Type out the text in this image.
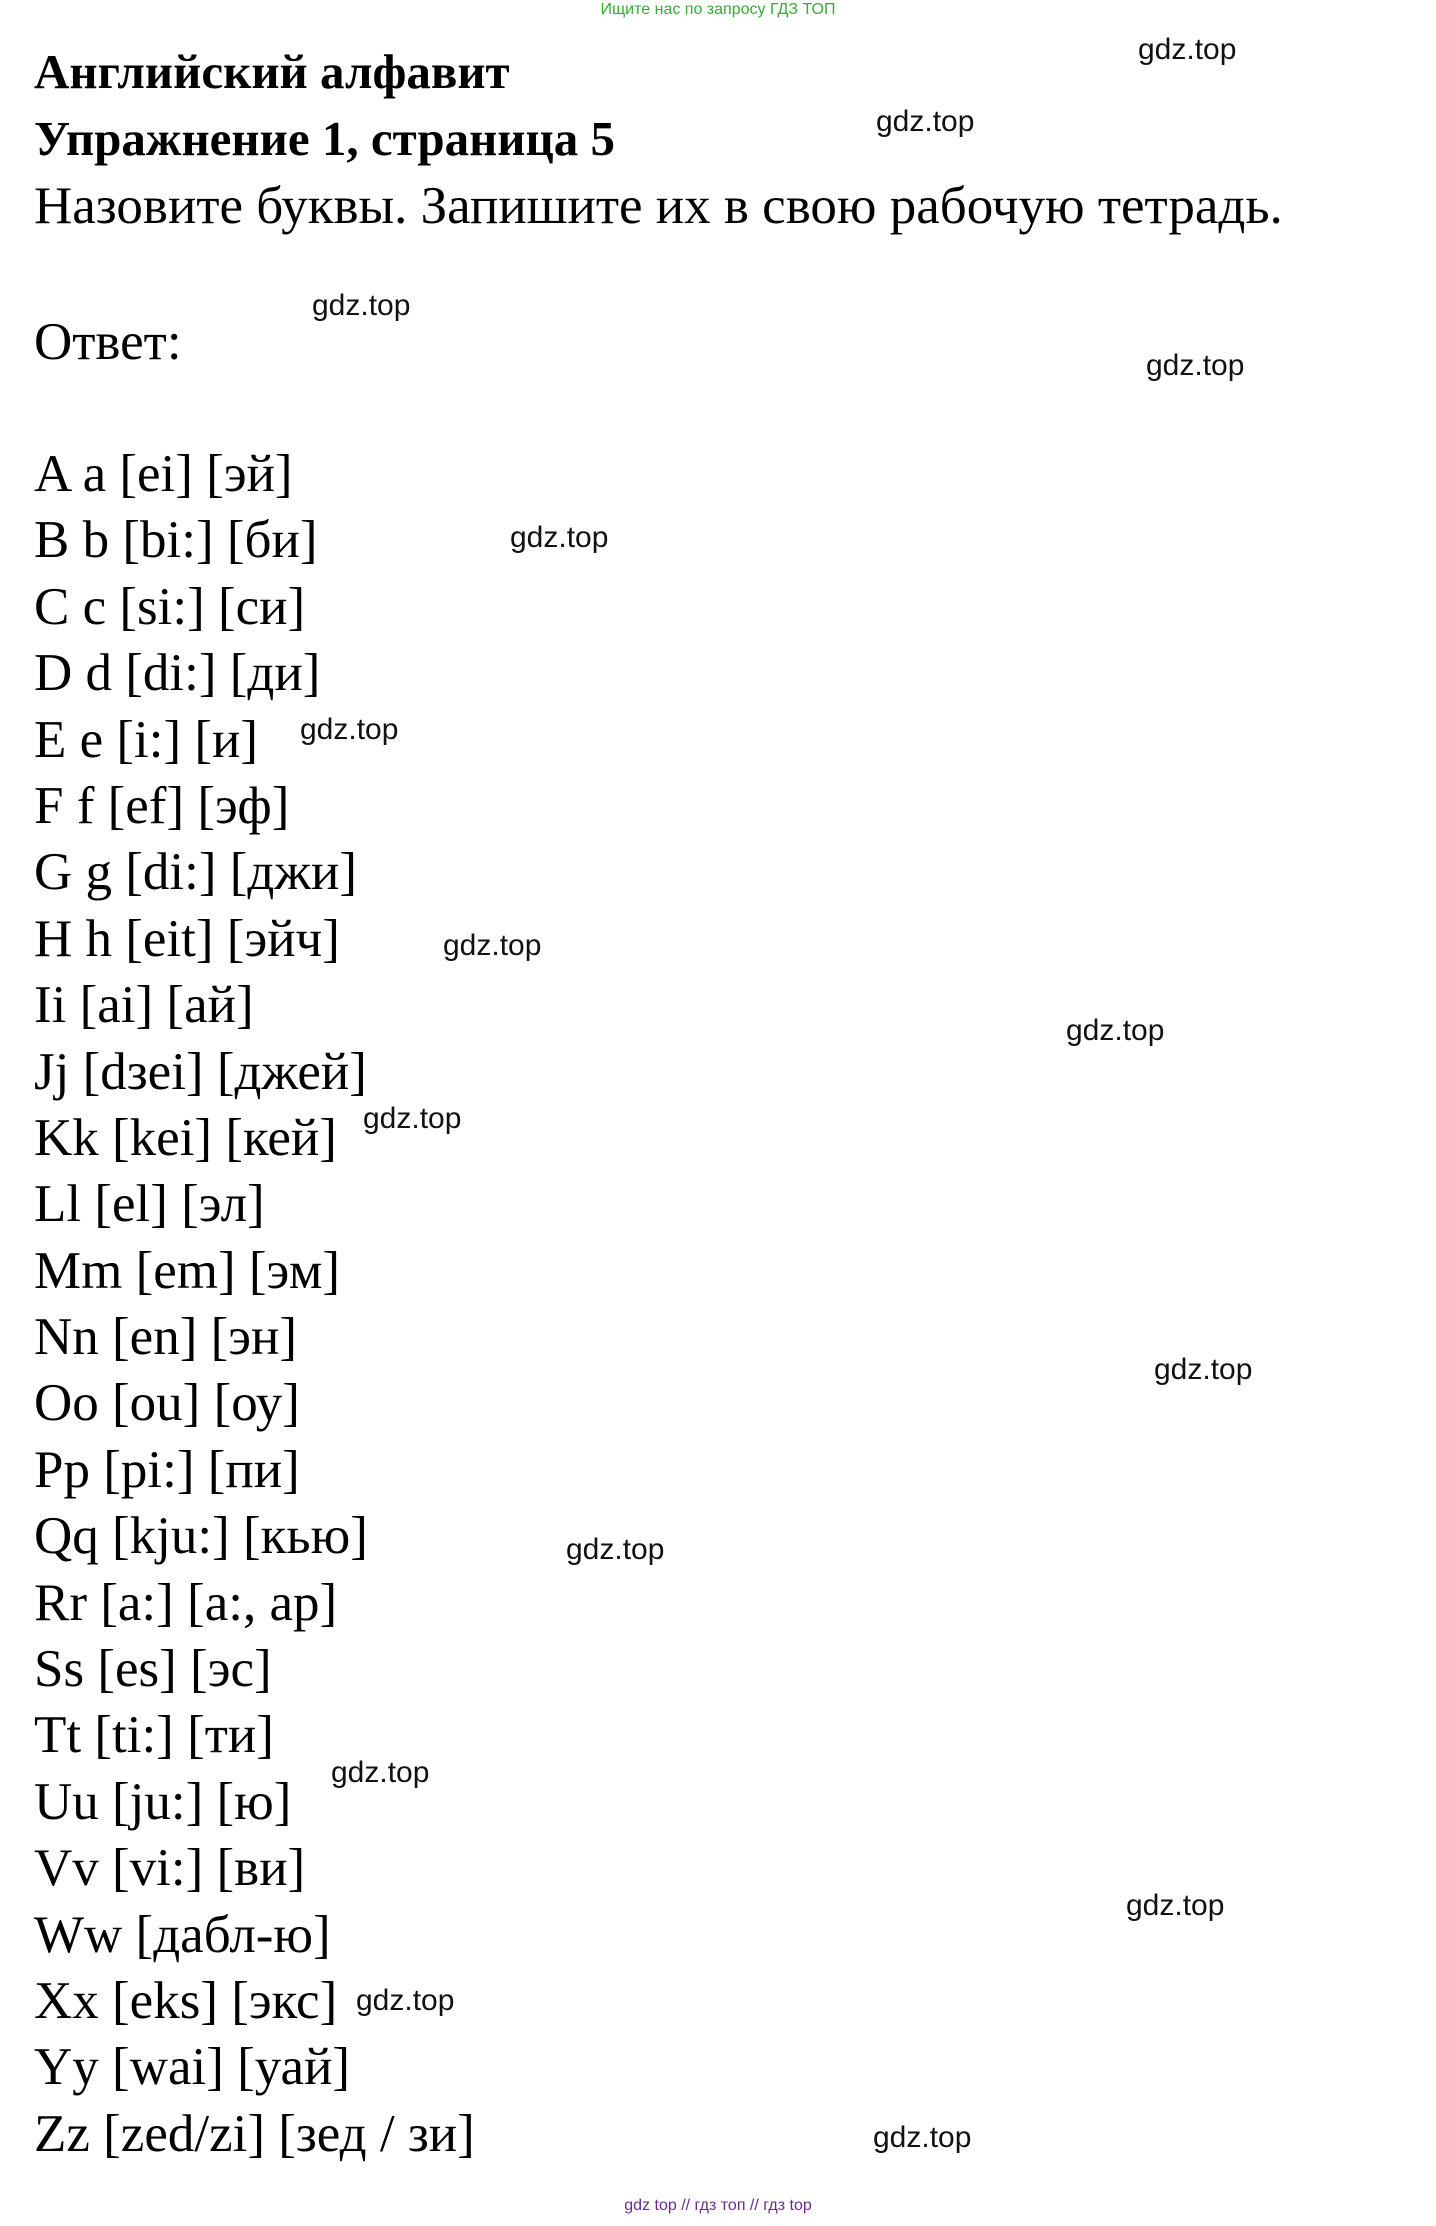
Ищите нас по запросу ГДЗ ТОП
Английский алфавит
Упражнение 1, страница 5
Назовите буквы. Запишите их в свою рабочую тетрадь.
Ответ:
A a [ei] [эй]
B b [bi:] [би]
C c [si:] [си]
D d [di:] [ди]
E e [i:] [и]
F f [ef] [эф]
G g [di:] [джи]
H h [eit] [эйч]
Ii [ai] [ай]
Jj [dзei] [джей]
Kk [kei] [кей]
Ll [el] [эл]
Mm [em] [эм]
Nn [en] [эн]
Oo [ou] [оу]
Pp [pi:] [пи]
Qq [kju:] [кью]
Rr [a:] [a:, ар]
Ss [es] [эс]
Tt [ti:] [ти]
Uu [ju:] [ю]
Vv [vi:] [ви]
Ww [дабл-ю]
Xx [eks] [экс]
Yy [wai] [уай]
Zz [zed/zi] [зед / зи]
gdz.top
gdz.top
gdz.top
gdz.top
gdz.top
gdz.top
gdz.top
gdz.top
gdz.top
gdz.top
gdz.top
gdz.top
gdz.top
gdz.top
gdz.top
gdz top // гдз топ // гдз top
